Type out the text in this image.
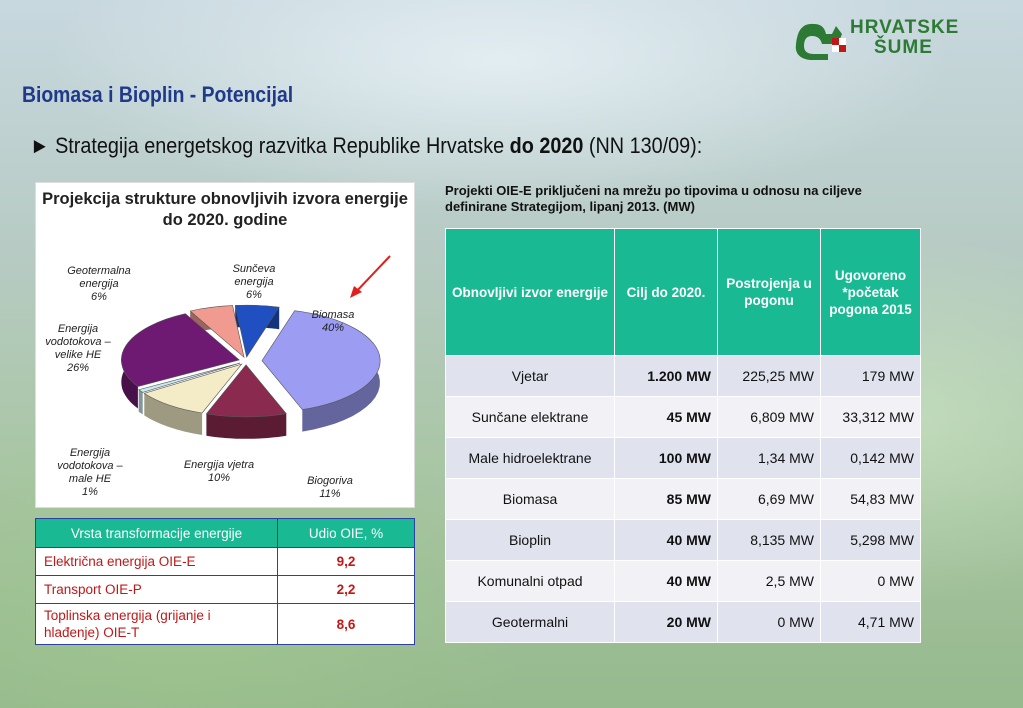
HRVATSKE
ŠUME
Biomasa i Bioplin - Potencijal
► Strategija energetskog razvitka Republike Hrvatske do 2020 (NN 130/09):
Projekcija strukture obnovljivih izvora energije do 2020. godine
Geotermalna
energija
6%
Sunčeva
energija
6%
Biomasa
40%
Energija
vodotokova –
velike HE
26%
Energija
vodotokova –
male HE
1%
Energija vjetra
10%	Biogoriva
11%
Vrsta transformacije energije	Udio OIE, %
Električna energija OIE-E	9,2
Transport OIE-P	2,2
Toplinska energija (grijanje i hlađenje) OIE-T	8,6
Projekti OIE-E priključeni na mrežu po tipovima u odnosu na ciljeve definirane Strategijom, lipanj 2013. (MW)
Obnovljivi izvor energije	Cilj do 2020.	Postrojenja u pogonu	Ugovoreno *početak pogona 2015
Vjetar	1.200 MW	225,25 MW	179 MW
Sunčane elektrane	45 MW	6,809 MW	33,312 MW
Male hidroelektrane	100 MW	1,34 MW	0,142 MW
Biomasa	85 MW	6,69 MW	54,83 MW
Bioplin	40 MW	8,135 MW	5,298 MW
Komunalni otpad	40 MW	2,5 MW	0 MW
Geotermalni	20 MW	0 MW	4,71 MW
